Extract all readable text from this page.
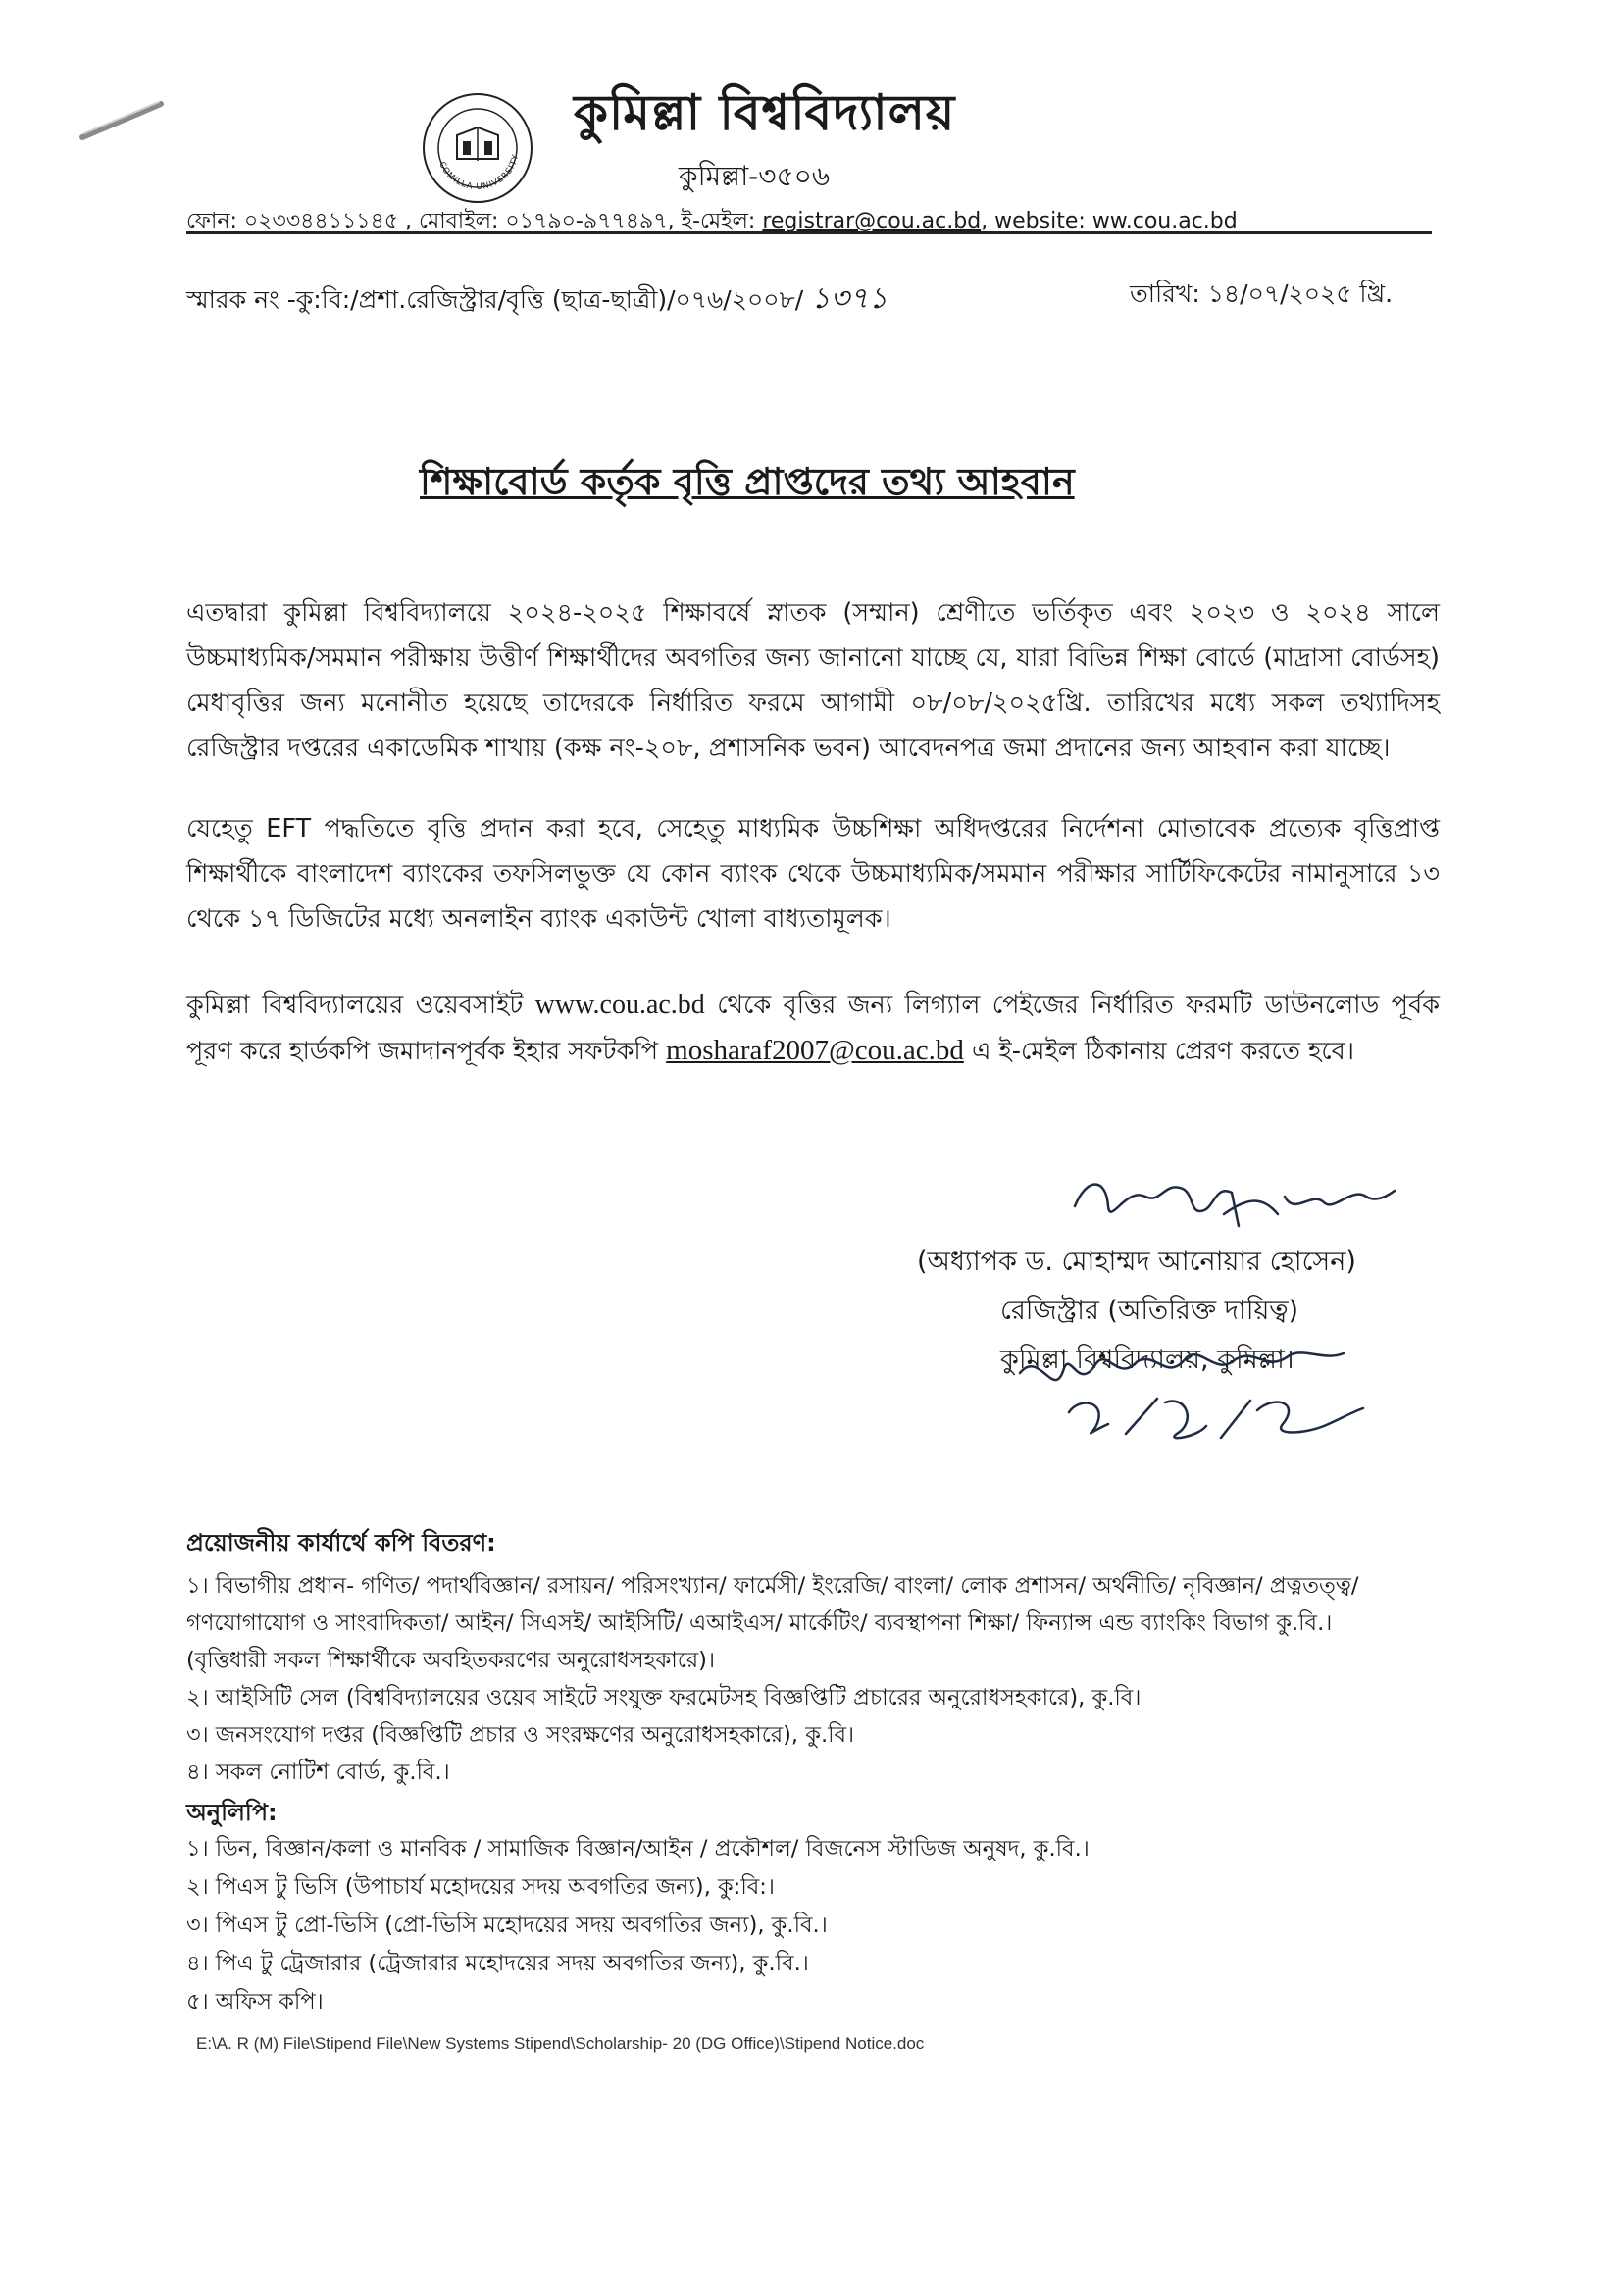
COMILLA UNIVERSITY
কুমিল্লা বিশ্ববিদ্যালয়
কুমিল্লা-৩৫০৬
ফোন: ০২৩৩৪৪১১১৪৫ , মোবাইল: ০১৭৯০-৯৭৭৪৯৭, ই-মেইল: registrar@cou.ac.bd, website: ww.cou.ac.bd
স্মারক নং -কু:বি:/প্রশা.রেজিস্ট্রার/বৃত্তি (ছাত্র-ছাত্রী)/০৭৬/২০০৮/ ১৩৭১	তারিখ: ১৪/০৭/২০২৫ খ্রি.
শিক্ষাবোর্ড কর্তৃক বৃত্তি প্রাপ্তদের তথ্য আহবান
এতদ্বারা কুমিল্লা বিশ্ববিদ্যালয়ে ২০২৪-২০২৫ শিক্ষাবর্ষে স্নাতক (সম্মান) শ্রেণীতে ভর্তিকৃত এবং ২০২৩ ও ২০২৪ সালে উচ্চমাধ্যমিক/সমমান পরীক্ষায় উত্তীর্ণ শিক্ষার্থীদের অবগতির জন্য জানানো যাচ্ছে যে, যারা বিভিন্ন শিক্ষা বোর্ডে (মাদ্রাসা বোর্ডসহ) মেধাবৃত্তির জন্য মনোনীত হয়েছে তাদেরকে নির্ধারিত ফরমে আগামী ০৮/০৮/২০২৫খ্রি. তারিখের মধ্যে সকল তথ্যাদিসহ রেজিস্ট্রার দপ্তরের একাডেমিক শাখায় (কক্ষ নং-২০৮, প্রশাসনিক ভবন) আবেদনপত্র জমা প্রদানের জন্য আহবান করা যাচ্ছে।
যেহেতু EFT পদ্ধতিতে বৃত্তি প্রদান করা হবে, সেহেতু মাধ্যমিক উচ্চশিক্ষা অধিদপ্তরের নির্দেশনা মোতাবেক প্রত্যেক বৃত্তিপ্রাপ্ত শিক্ষার্থীকে বাংলাদেশ ব্যাংকের তফসিলভুক্ত যে কোন ব্যাংক থেকে উচ্চমাধ্যমিক/সমমান পরীক্ষার সার্টিফিকেটের নামানুসারে ১৩ থেকে ১৭ ডিজিটের মধ্যে অনলাইন ব্যাংক একাউন্ট খোলা বাধ্যতামূলক।
কুমিল্লা বিশ্ববিদ্যালয়ের ওয়েবসাইট www.cou.ac.bd থেকে বৃত্তির জন্য লিগ্যাল পেইজের নির্ধারিত ফরমটি ডাউনলোড পূর্বক পূরণ করে হার্ডকপি জমাদানপূর্বক ইহার সফটকপি mosharaf2007@cou.ac.bd এ ই-মেইল ঠিকানায় প্রেরণ করতে হবে।
(অধ্যাপক ড. মোহাম্মদ আনোয়ার হোসেন)
রেজিস্ট্রার (অতিরিক্ত দায়িত্ব)
কুমিল্লা বিশ্ববিদ্যালয়, কুমিল্লা।
প্রয়োজনীয় কার্যার্থে কপি বিতরণ:
১। বিভাগীয় প্রধান- গণিত/ পদার্থবিজ্ঞান/ রসায়ন/ পরিসংখ্যান/ ফার্মেসী/ ইংরেজি/ বাংলা/ লোক প্রশাসন/ অর্থনীতি/ নৃবিজ্ঞান/ প্রত্নতত্ত্ব/
গণযোগাযোগ ও সাংবাদিকতা/ আইন/ সিএসই/ আইসিটি/ এআইএস/ মার্কেটিং/ ব্যবস্থাপনা শিক্ষা/ ফিন্যান্স এন্ড ব্যাংকিং বিভাগ কু.বি.।
(বৃত্তিধারী সকল শিক্ষার্থীকে অবহিতকরণের অনুরোধসহকারে)।
২। আইসিটি সেল (বিশ্ববিদ্যালয়ের ওয়েব সাইটে সংযুক্ত ফরমেটসহ বিজ্ঞপ্তিটি প্রচারের অনুরোধসহকারে), কু.বি।
৩। জনসংযোগ দপ্তর (বিজ্ঞপ্তিটি প্রচার ও সংরক্ষণের অনুরোধসহকারে), কু.বি।
৪। সকল নোটিশ বোর্ড, কু.বি.।
অনুলিপি:
১। ডিন, বিজ্ঞান/কলা ও মানবিক / সামাজিক বিজ্ঞান/আইন / প্রকৌশল/ বিজনেস স্টাডিজ অনুষদ, কু.বি.।
২। পিএস টু ভিসি (উপাচার্য মহোদয়ের সদয় অবগতির জন্য), কু:বি:।
৩। পিএস টু প্রো-ভিসি (প্রো-ভিসি মহোদয়ের সদয় অবগতির জন্য), কু.বি.।
৪। পিএ টু ট্রেজারার (ট্রেজারার মহোদয়ের সদয় অবগতির জন্য), কু.বি.।
৫। অফিস কপি।
E:\A. R (M) File\Stipend File\New Systems Stipend\Scholarship- 20 (DG Office)\Stipend Notice.doc
